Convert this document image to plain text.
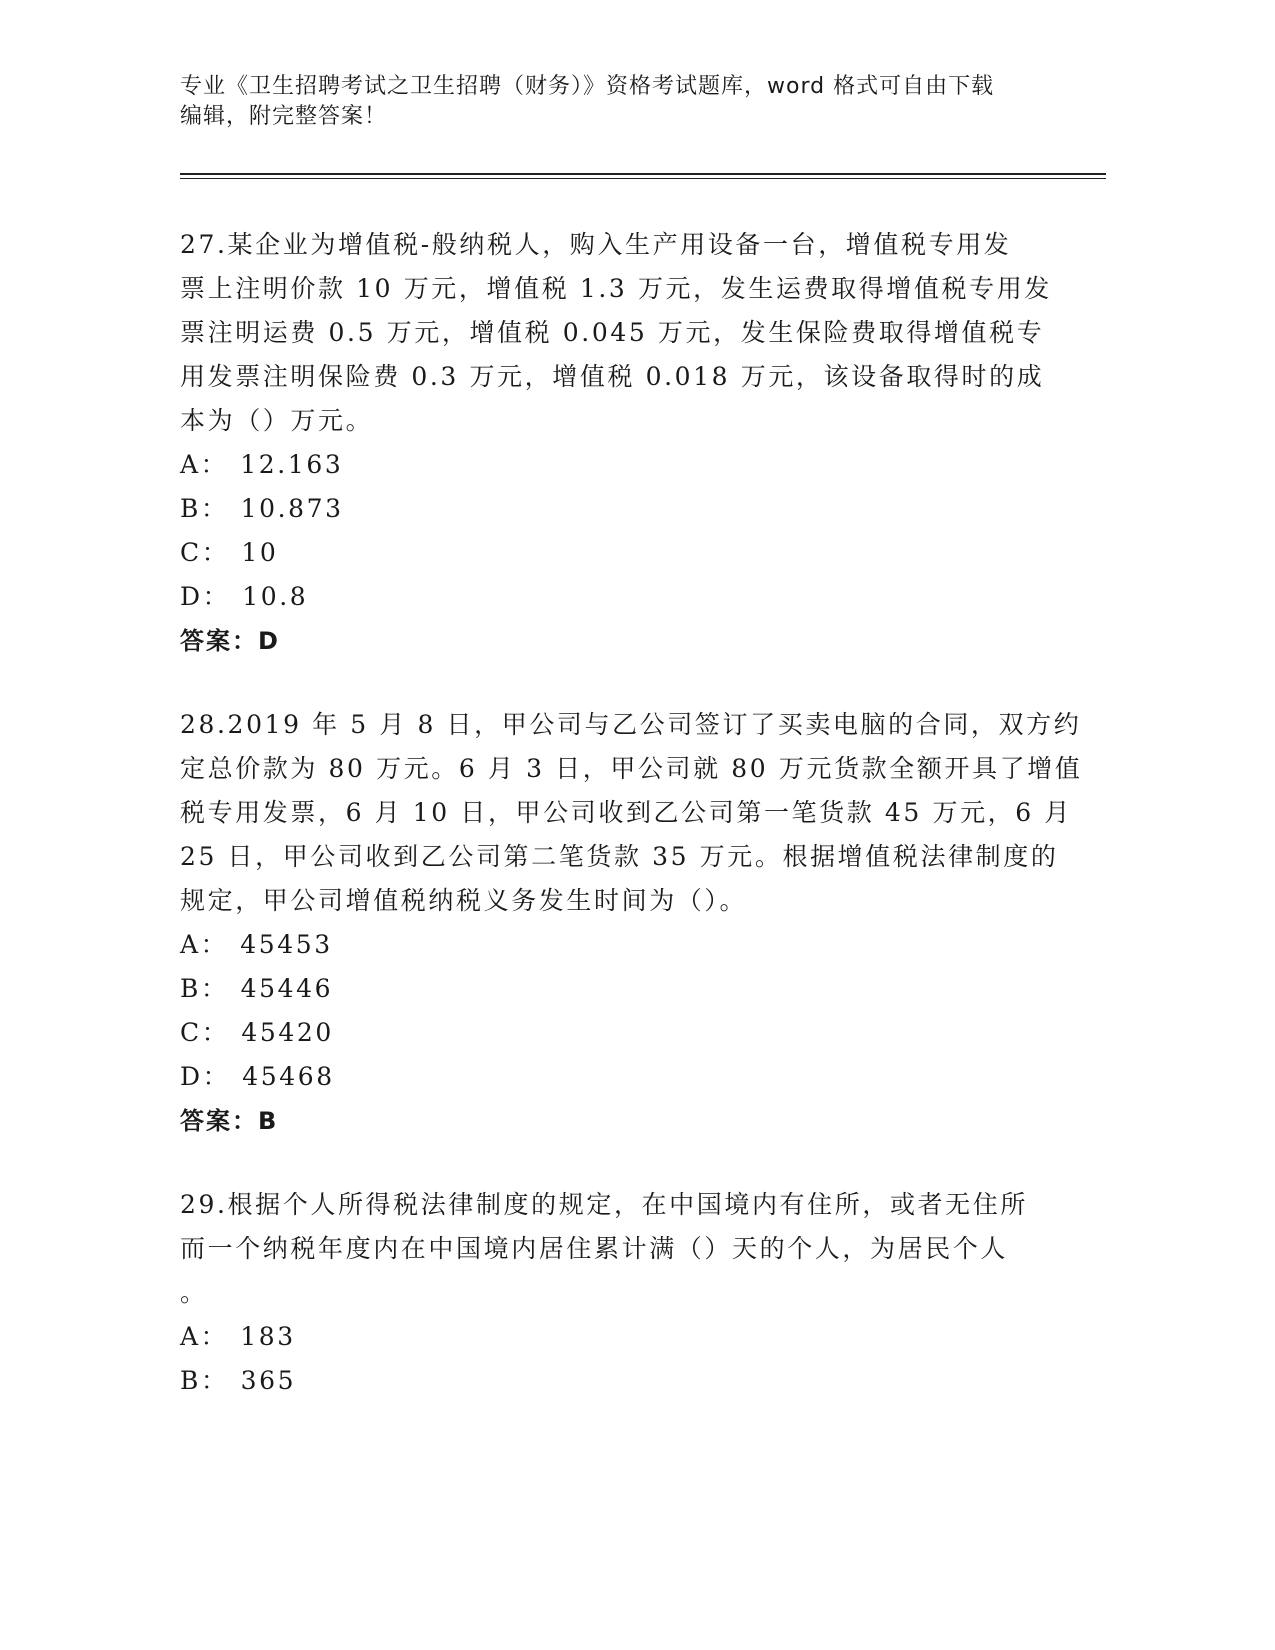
专业《卫生招聘考试之卫生招聘（财务）》资格考试题库，word 格式可自由下载
编辑，附完整答案！
27.某企业为增值税-般纳税人，购入生产用设备一台，增值税专用发
票上注明价款 10 万元，增值税 1.3 万元，发生运费取得增值税专用发
票注明运费 0.5 万元，增值税 0.045 万元，发生保险费取得增值税专
用发票注明保险费 0.3 万元，增值税 0.018 万元，该设备取得时的成
本为（）万元。
A： 12.163
B： 10.873
C： 10
D： 10.8
答案：D
28.2019 年 5 月 8 日，甲公司与乙公司签订了买卖电脑的合同，双方约
定总价款为 80 万元。6 月 3 日，甲公司就 80 万元货款全额开具了增值
税专用发票，6 月 10 日，甲公司收到乙公司第一笔货款 45 万元，6 月
25 日，甲公司收到乙公司第二笔货款 35 万元。根据增值税法律制度的
规定，甲公司增值税纳税义务发生时间为（）。
A： 45453
B： 45446
C： 45420
D： 45468
答案：B
29.根据个人所得税法律制度的规定，在中国境内有住所，或者无住所
而一个纳税年度内在中国境内居住累计满（）天的个人，为居民个人
。
A： 183
B： 365
